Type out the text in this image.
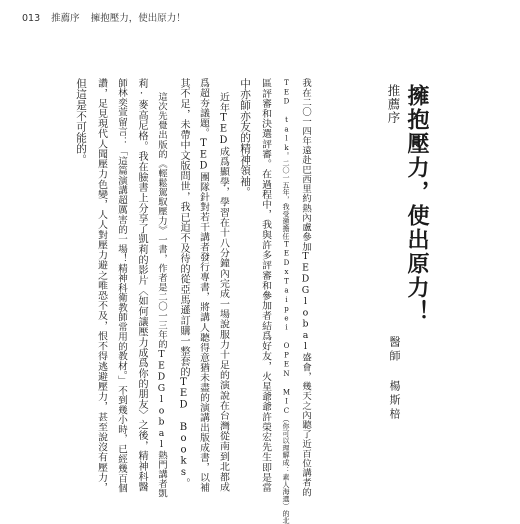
013 推薦序 擁抱壓力，使出原力！
推薦序 擁抱壓力，使出原力！
我在二〇一四年遠赴巴西里約熱內盧參加TEDGlobal盛會，幾天之內聽了近百位講者的
TED talk。二〇一五年，我受邀擔任TEDxTaipei OPEN MIC（你可以理解成：素人海選）的北
區評審和決選評審。在過程中，我與許多評審和參加者結爲好友，火星爺爺許榮宏先生即是當
中亦師亦友的精神領袖。
近年TED成爲顯學，學習在十八分鐘內完成一場說服力十足的演說在台灣從南到北都成
爲超夯議題。TED團隊針對若干講者發行專書，將講人聽得意猶未盡的演講出版成書，以補
其不足，未帶中文版問世，我已迫不及待的從亞馬遜訂購一整套的TED Books。
這次先覺出版的《輕鬆駕馭壓力》一書，作者是二〇一三年的TEDGlobal熱門講者凱
莉·麥高尼格。我在臉書上分享了凱莉的影片〈如何讓壓力成爲你的朋友〉之後，精神科醫
師林奕萱留言：「這篇演講超厲害的一場！精神科衛教師常用的教材。」不到幾小時，已經幾百個
讚，足見現代人聞壓力色變，人人對壓力避之唯恐不及，恨不得逃避壓力，甚至說沒有壓力，
但這是不可能的。
醫師 楊斯棓
